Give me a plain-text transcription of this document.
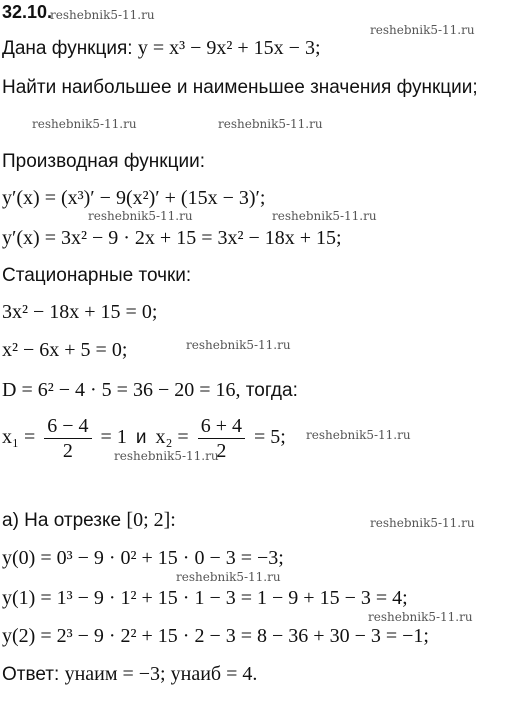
32.10.
Дана функция: y = x³ − 9x² + 15x − 3;
Найти наибольшее и наименьшее значения функции;
Производная функции:
y′(x) = (x³)′ − 9(x²)′ + (15x − 3)′;
y′(x) = 3x² − 9 · 2x + 15 = 3x² − 18x + 15;
Стационарные точки:
3x² − 18x + 15 = 0;
x² − 6x + 5 = 0;
D = 6² − 4 · 5 = 36 − 20 = 16, тогда:
$x_1 = \frac{6 - 4}{2} = 1$ и $x_2 = \frac{6 + 4}{2} = 5$;
а) На отрезке [0; 2]:
y(0) = 0³ − 9 · 0² + 15 · 0 − 3 = −3;
y(1) = 1³ − 9 · 1² + 15 · 1 − 3 = 1 − 9 + 15 − 3 = 4;
y(2) = 2³ − 9 · 2² + 15 · 2 − 3 = 8 − 36 + 30 − 3 = −1;
Ответ: yнаим = −3; yнаиб = 4.
reshebnik5-11.ru
reshebnik5-11.ru
reshebnik5-11.ru	reshebnik5-11.ru
reshebnik5-11.ru	reshebnik5-11.ru
reshebnik5-11.ru
reshebnik5-11.ru
reshebnik5-11.ru
reshebnik5-11.ru
reshebnik5-11.ru
reshebnik5-11.ru
